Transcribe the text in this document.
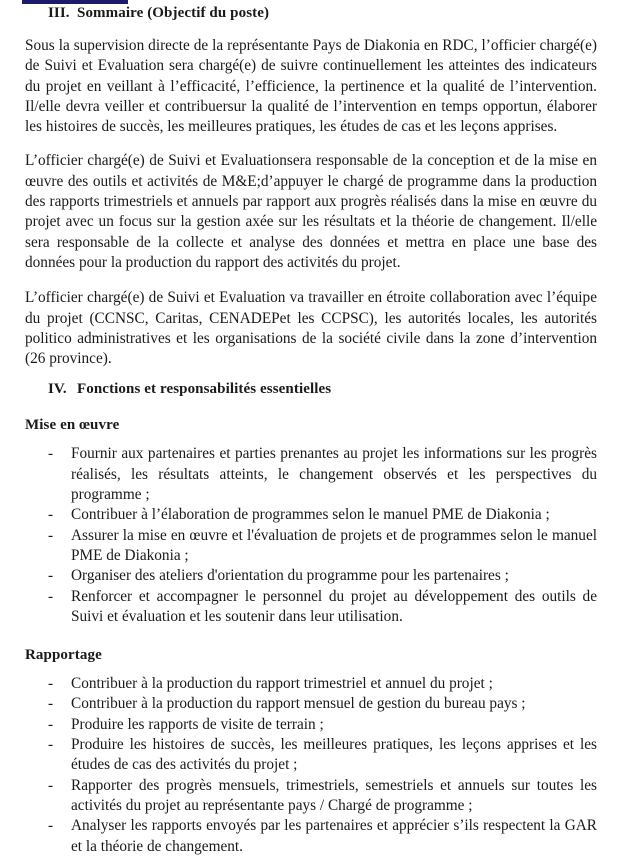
III. Sommaire (Objectif du poste)

Sous la supervision directe de la représentante Pays de Diakonia en RDC, l’officier chargé(e) de Suivi et Evaluation sera chargé(e) de suivre continuellement les atteintes des indicateurs du projet en veillant à l’efficacité, l’efficience, la pertinence et la qualité de l’intervention. Il/elle devra veiller et contribuersur la qualité de l’intervention en temps opportun, élaborer les histoires de succès, les meilleures pratiques, les études de cas et les leçons apprises.

L’officier chargé(e) de Suivi et Evaluationsera responsable de la conception et de la mise en œuvre des outils et activités de M&E;d’appuyer le chargé de programme dans la production des rapports trimestriels et annuels par rapport aux progrès réalisés dans la mise en œuvre du projet avec un focus sur la gestion axée sur les résultats et la théorie de changement. Il/elle sera responsable de la collecte et analyse des données et mettra en place une base des données pour la production du rapport des activités du projet.

L’officier chargé(e) de Suivi et Evaluation va travailler en étroite collaboration avec l’équipe du projet (CCNSC, Caritas, CENADEPet les CCPSC), les autorités locales, les autorités politico administratives et les organisations de la société civile dans la zone d’intervention (26 province).

IV. Fonctions et responsabilités essentielles
Mise en œuvre
-	Fournir aux partenaires et parties prenantes au projet les informations sur les progrès réalisés, les résultats atteints, le changement observés et les perspectives du programme ;
-	Contribuer à l’élaboration de programmes selon le manuel PME de Diakonia ;
-	Assurer la mise en œuvre et l'évaluation de projets et de programmes selon le manuel PME de Diakonia ;
-	Organiser des ateliers d'orientation du programme pour les partenaires ;
-	Renforcer et accompagner le personnel du projet au développement des outils de Suivi et évaluation et les soutenir dans leur utilisation.
Rapportage
-	Contribuer à la production du rapport trimestriel et annuel du projet ;
-	Contribuer à la production du rapport mensuel de gestion du bureau pays ;
-	Produire les rapports de visite de terrain ;
-	Produire les histoires de succès, les meilleures pratiques, les leçons apprises et les études de cas des activités du projet ;
-	Rapporter des progrès mensuels, trimestriels, semestriels et annuels sur toutes les activités du projet au représentante pays / Chargé de programme ;
-	Analyser les rapports envoyés par les partenaires et apprécier s’ils respectent la GAR et la théorie de changement.
